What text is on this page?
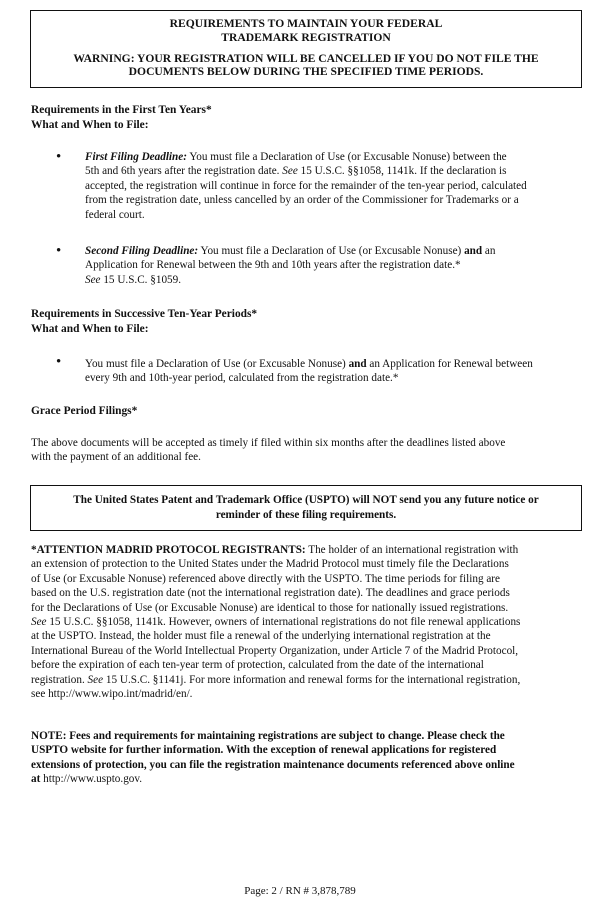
REQUIREMENTS TO MAINTAIN YOUR FEDERAL
TRADEMARK REGISTRATION
WARNING: YOUR REGISTRATION WILL BE CANCELLED IF YOU DO NOT FILE THE
DOCUMENTS BELOW DURING THE SPECIFIED TIME PERIODS.
Requirements in the First Ten Years*
What and When to File:
• First Filing Deadline: You must file a Declaration of Use (or Excusable Nonuse) between the
5th and 6th years after the registration date. See 15 U.S.C. §§1058, 1141k. If the declaration is
accepted, the registration will continue in force for the remainder of the ten-year period, calculated
from the registration date, unless cancelled by an order of the Commissioner for Trademarks or a
federal court.
• Second Filing Deadline: You must file a Declaration of Use (or Excusable Nonuse) and an
Application for Renewal between the 9th and 10th years after the registration date.*
See 15 U.S.C. §1059.
Requirements in Successive Ten-Year Periods*
What and When to File:
• You must file a Declaration of Use (or Excusable Nonuse) and an Application for Renewal between
every 9th and 10th-year period, calculated from the registration date.*
Grace Period Filings*
The above documents will be accepted as timely if filed within six months after the deadlines listed above
with the payment of an additional fee.
The United States Patent and Trademark Office (USPTO) will NOT send you any future notice or
reminder of these filing requirements.
*ATTENTION MADRID PROTOCOL REGISTRANTS: The holder of an international registration with
an extension of protection to the United States under the Madrid Protocol must timely file the Declarations
of Use (or Excusable Nonuse) referenced above directly with the USPTO. The time periods for filing are
based on the U.S. registration date (not the international registration date). The deadlines and grace periods
for the Declarations of Use (or Excusable Nonuse) are identical to those for nationally issued registrations.
See 15 U.S.C. §§1058, 1141k. However, owners of international registrations do not file renewal applications
at the USPTO. Instead, the holder must file a renewal of the underlying international registration at the
International Bureau of the World Intellectual Property Organization, under Article 7 of the Madrid Protocol,
before the expiration of each ten-year term of protection, calculated from the date of the international
registration. See 15 U.S.C. §1141j. For more information and renewal forms for the international registration,
see http://www.wipo.int/madrid/en/.
NOTE: Fees and requirements for maintaining registrations are subject to change. Please check the
USPTO website for further information. With the exception of renewal applications for registered
extensions of protection, you can file the registration maintenance documents referenced above online
at http://www.uspto.gov.
Page: 2 / RN # 3,878,789
